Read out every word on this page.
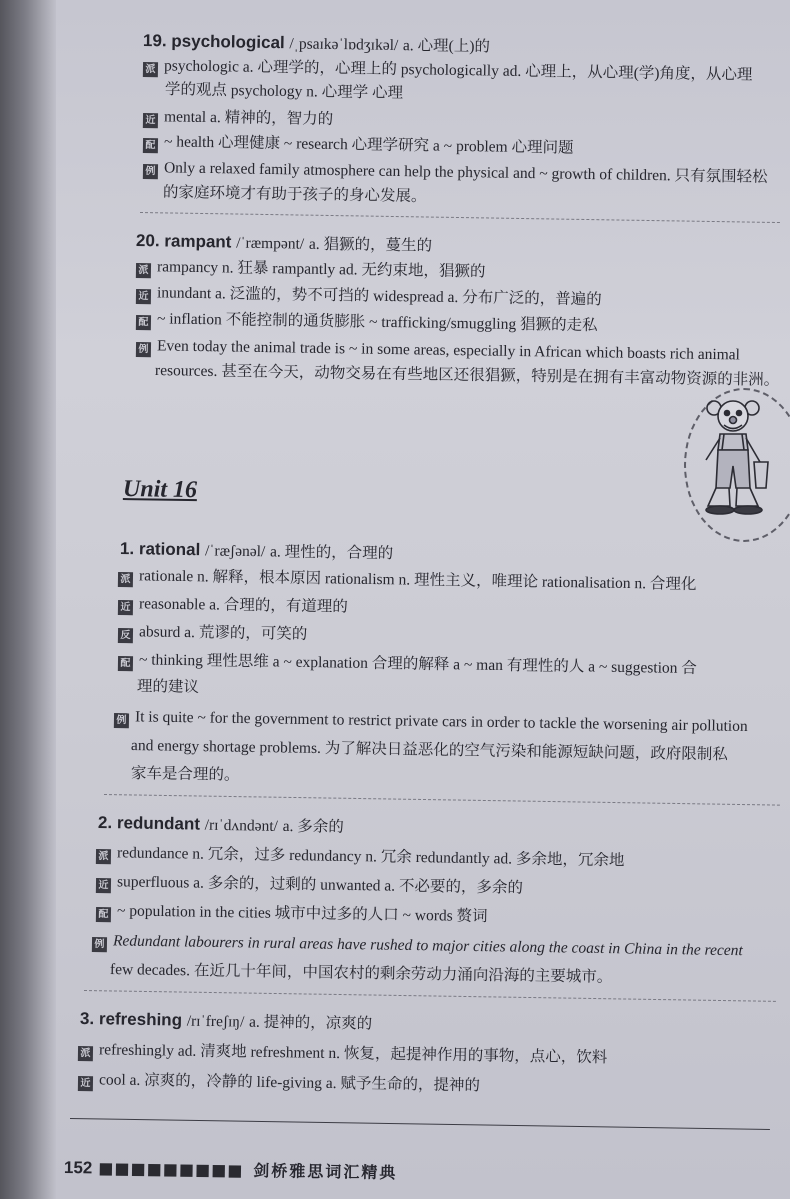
19. psychological /ˌpsaɪkəˈlɒdʒɪkəl/ a. 心理(上)的
派 psychologic a. 心理学的，心理上的 psychologically ad. 心理上，从心理(学)角度，从心理
学的观点 psychology n. 心理学 心理
近 mental a. 精神的，智力的
配 ~ health 心理健康 ~ research 心理学研究 a ~ problem 心理问题
例 Only a relaxed family atmosphere can help the physical and ~ growth of children. 只有氛围轻松
的家庭环境才有助于孩子的身心发展。
20. rampant /ˈræmpənt/ a. 猖獗的，蔓生的
派 rampancy n. 狂暴 rampantly ad. 无约束地，猖獗的
近 inundant a. 泛滥的，势不可挡的 widespread a. 分布广泛的，普遍的
配 ~ inflation 不能控制的通货膨胀 ~ trafficking/smuggling 猖獗的走私
例 Even today the animal trade is ~ in some areas, especially in African which boasts rich animal
resources. 甚至在今天，动物交易在有些地区还很猖獗，特别是在拥有丰富动物资源的非洲。
Unit 16
1. rational /ˈræʃənəl/ a. 理性的，合理的
派 rationale n. 解释，根本原因 rationalism n. 理性主义，唯理论 rationalisation n. 合理化
近 reasonable a. 合理的，有道理的
反 absurd a. 荒谬的，可笑的
配 ~ thinking 理性思维 a ~ explanation 合理的解释 a ~ man 有理性的人 a ~ suggestion 合
理的建议
例 It is quite ~ for the government to restrict private cars in order to tackle the worsening air pollution
and energy shortage problems. 为了解决日益恶化的空气污染和能源短缺问题，政府限制私
家车是合理的。
2. redundant /rɪˈdʌndənt/ a. 多余的
派 redundance n. 冗余，过多 redundancy n. 冗余 redundantly ad. 多余地，冗余地
近 superfluous a. 多余的，过剩的 unwanted a. 不必要的，多余的
配 ~ population in the cities 城市中过多的人口 ~ words 赘词
例 Redundant labourers in rural areas have rushed to major cities along the coast in China in the recent
few decades. 在近几十年间，中国农村的剩余劳动力涌向沿海的主要城市。
3. refreshing /rɪˈfreʃɪŋ/ a. 提神的，凉爽的
派 refreshingly ad. 清爽地 refreshment n. 恢复，起提神作用的事物，点心，饮料
近 cool a. 凉爽的，冷静的 life-giving a. 赋予生命的，提神的
152 ■■■■■■■■■ 剑桥雅思词汇精典
